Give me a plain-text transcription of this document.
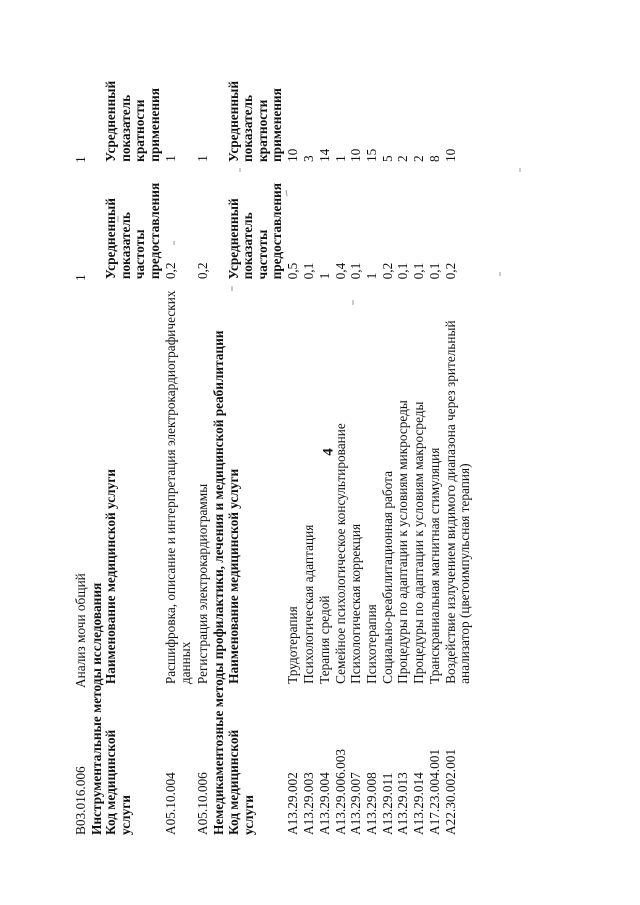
4
B03.016.006	Анализ мочи общий	1	1
Инструментальные методы исследования Код медицинской услуги	Наименование медицинской услуги	Усредненный показатель частоты предоставления	Усредненный показатель кратности применения

A05.10.004	Расшифровка, описание и интерпретация электрокардиографических данных	0,2	1

A05.10.006	Регистрация электрокардиограммы	0,2	1
Немедикаментозные методы профилактики, лечения и медицинской реабилитации Код медицинской услуги	Наименование медицинской услуги	Усредненный показатель частоты предоставления	Усредненный показатель кратности применения

A13.29.002	Трудотерапия	0,5	10
A13.29.003	Психологическая адаптация	0,1	3
A13.29.004	Терапия средой	1	14
A13.29.006.003	Семейное психологическое консультирование	0,4	1
A13.29.007	Психологическая коррекция	0,1	10
A13.29.008	Психотерапия	1	15
A13.29.011	Социально-реабилитационная работа	0,2	5
A13.29.013	Процедуры по адаптации к условиям микросреды	0,1	2
A13.29.014	Процедуры по адаптации к условиям макросреды	0,1	2
A17.23.004.001	Транскраниальная магнитная стимуляция	0,1	8
A22.30.002.001	Воздействие излучением видимого диапазона через зрительный анализатор (цветоимпульсная терапия)	0,2	10
